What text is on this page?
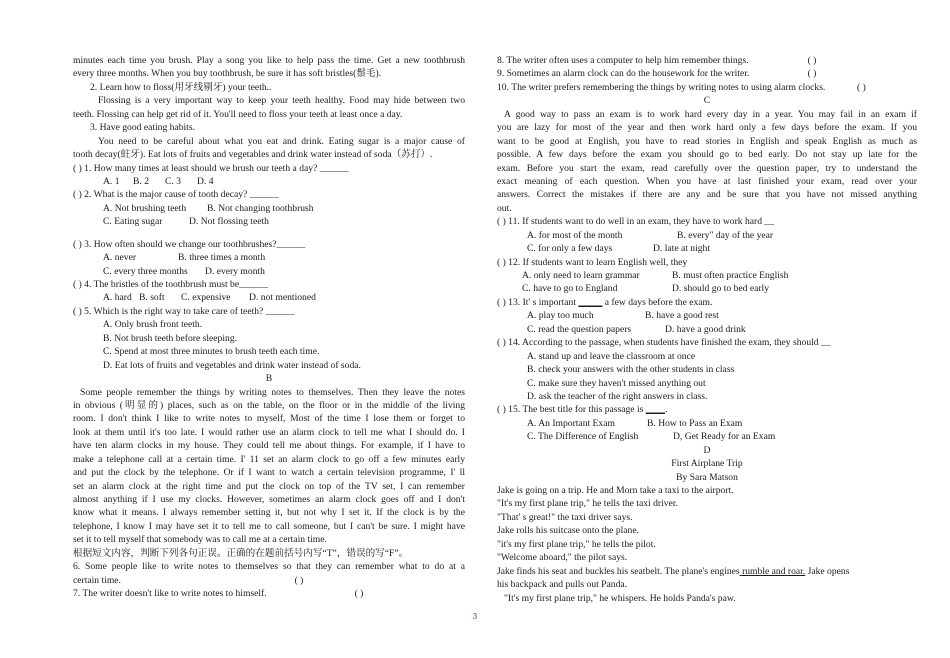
minutes each time you brush. Play a song you like to help pass the time. Get a new toothbrush
every three months. When you buy toothbrush, be sure it has soft bristles(鬃毛).
2. Learn how to floss(用牙线剔牙) your teeth..
Flossing is a very important way to keep your teeth healthy. Food may hide between two
teeth. Flossing can help get rid of it. You'll need to floss your teeth at least once a day.
3. Have good eating habits.
You need to be careful about what you eat and drink. Eating sugar is a major cause of
tooth decay(蛀牙). Eat lots of fruits and vegetables and drink water instead of soda（苏打）.
( ) 1. How many times at least should we brush our teeth a day? ______
A. 1 B. 2 C. 3 D. 4
( ) 2. What is the major cause of tooth decay? ______
A. Not brushing teeth B. Not changing toothbrush
C. Eating sugar	D. Not flossing teeth
( ) 3. How often should we change our toothbrushes?______
A. never	B. three times a month
C. every three months D. every month
( ) 4. The bristles of the toothbrush must be______
A. hard B. soft C. expensive D. not mentioned
( ) 5. Which is the right way to take care of teeth? ______
A. Only brush front teeth.
B. Not brush teeth before sleeping.
C. Spend at most three minutes to brush teeth each time.
D. Eat lots of fruits and vegetables and drink water instead of soda.
B
Some people remember the things by writing notes to themselves. Then they leave the notes
in obvious (明显的) places, such as on the table, on the floor or in the middle of the living
room. I don't think I like to write notes to myself, Most of the time I lose them or forget to
look at them until it's too late. I would rather use an alarm clock to tell me what I should do. I
have ten alarm clocks in my house. They could tell me about things. For example, if I have to
make a telephone call at a certain time. I' 11 set an alarm clock to go off a few minutes early
and put the clock by the telephone. Or if I want to watch a certain television programme, I' ll
set an alarm clock at the right time and put the clock on top of the TV set, I can remember
almost anything if I use my clocks. However, sometimes an alarm clock goes off and I don't
know what it means. I always remember setting it, but not why I set it. If the clock is by the
telephone, I know I may have set it to tell me to call someone, but I can't be sure. I might have
set it to tell myself that somebody was to call me at a certain time.
根据短文内容，判断下列各句正误。正确的在题前括号内写“T”，错误的写“F”。
6. Some people like to write notes to themselves so that they can remember what to do at a
certain time.	( )
7. The writer doesn't like to write notes to himself.	( )
8. The writer often uses a computer to help him remember things.	( )
9. Sometimes an alarm clock can do the housework for the writer.	( )
10. The writer prefers remembering the things by writing notes to using alarm clocks.	( )
C
A good way to pass an exam is to work hard every day in a year. You may fail in an exam if
you are lazy for most of the year and then work hard only a few days before the exam. If you
want to be good at English, you have to read stories in English and speak English as much as
possible. A few days before the exam you should go to bed early. Do not stay up late for the
exam. Before you start the exam, read carefully over the question paper, try to understand the
exact meaning of each question. When you have at last finished your exam, read over your
answers. Correct the mistakes if there are any and be sure that you have not missed anything
out.
( ) 11. If students want to do well in an exam, they have to work hard __
A. for most of the month	B. every" day of the year
C. for only a few days	D. late at night
( ) 12. If students want to learn English well, they
A. only need to learn grammar	B. must often practice English
C. have to go to England	D. should go to bed early
( ) 13. It' s important _____ a few days before the exam.
A. play too much	B. have a good rest
C. read the question papers	D. have a good drink
( ) 14. According to the passage, when students have finished the exam, they should __
A. stand up and leave the classroom at once
B. check your answers with the other students in class
C. make sure they haven't missed anything out
D. ask the teacher of the right answers in class.
( ) 15. The best title for this passage is ____.
A. An Important Exam	B. How to Pass an Exam
C. The Difference of English	D, Get Ready for an Exam
D
First Airplane Trip
By Sara Matson
Jake is going on a trip. He and Morn take a taxi to the airport.
"It's my first plane trip," he tells the taxi driver.
"That' s great!" the taxi driver says.
Jake rolls his suitcase onto the plane.
"it's my first plane trip," he tells the pilot.
"Welcome aboard," the pilot says.
Jake finds his seat and buckles his seatbelt. The plane's engines rumble and roar. Jake opens
his backpack and pulls out Panda.
"It's my first plane trip," he whispers. He holds Panda's paw.
3
